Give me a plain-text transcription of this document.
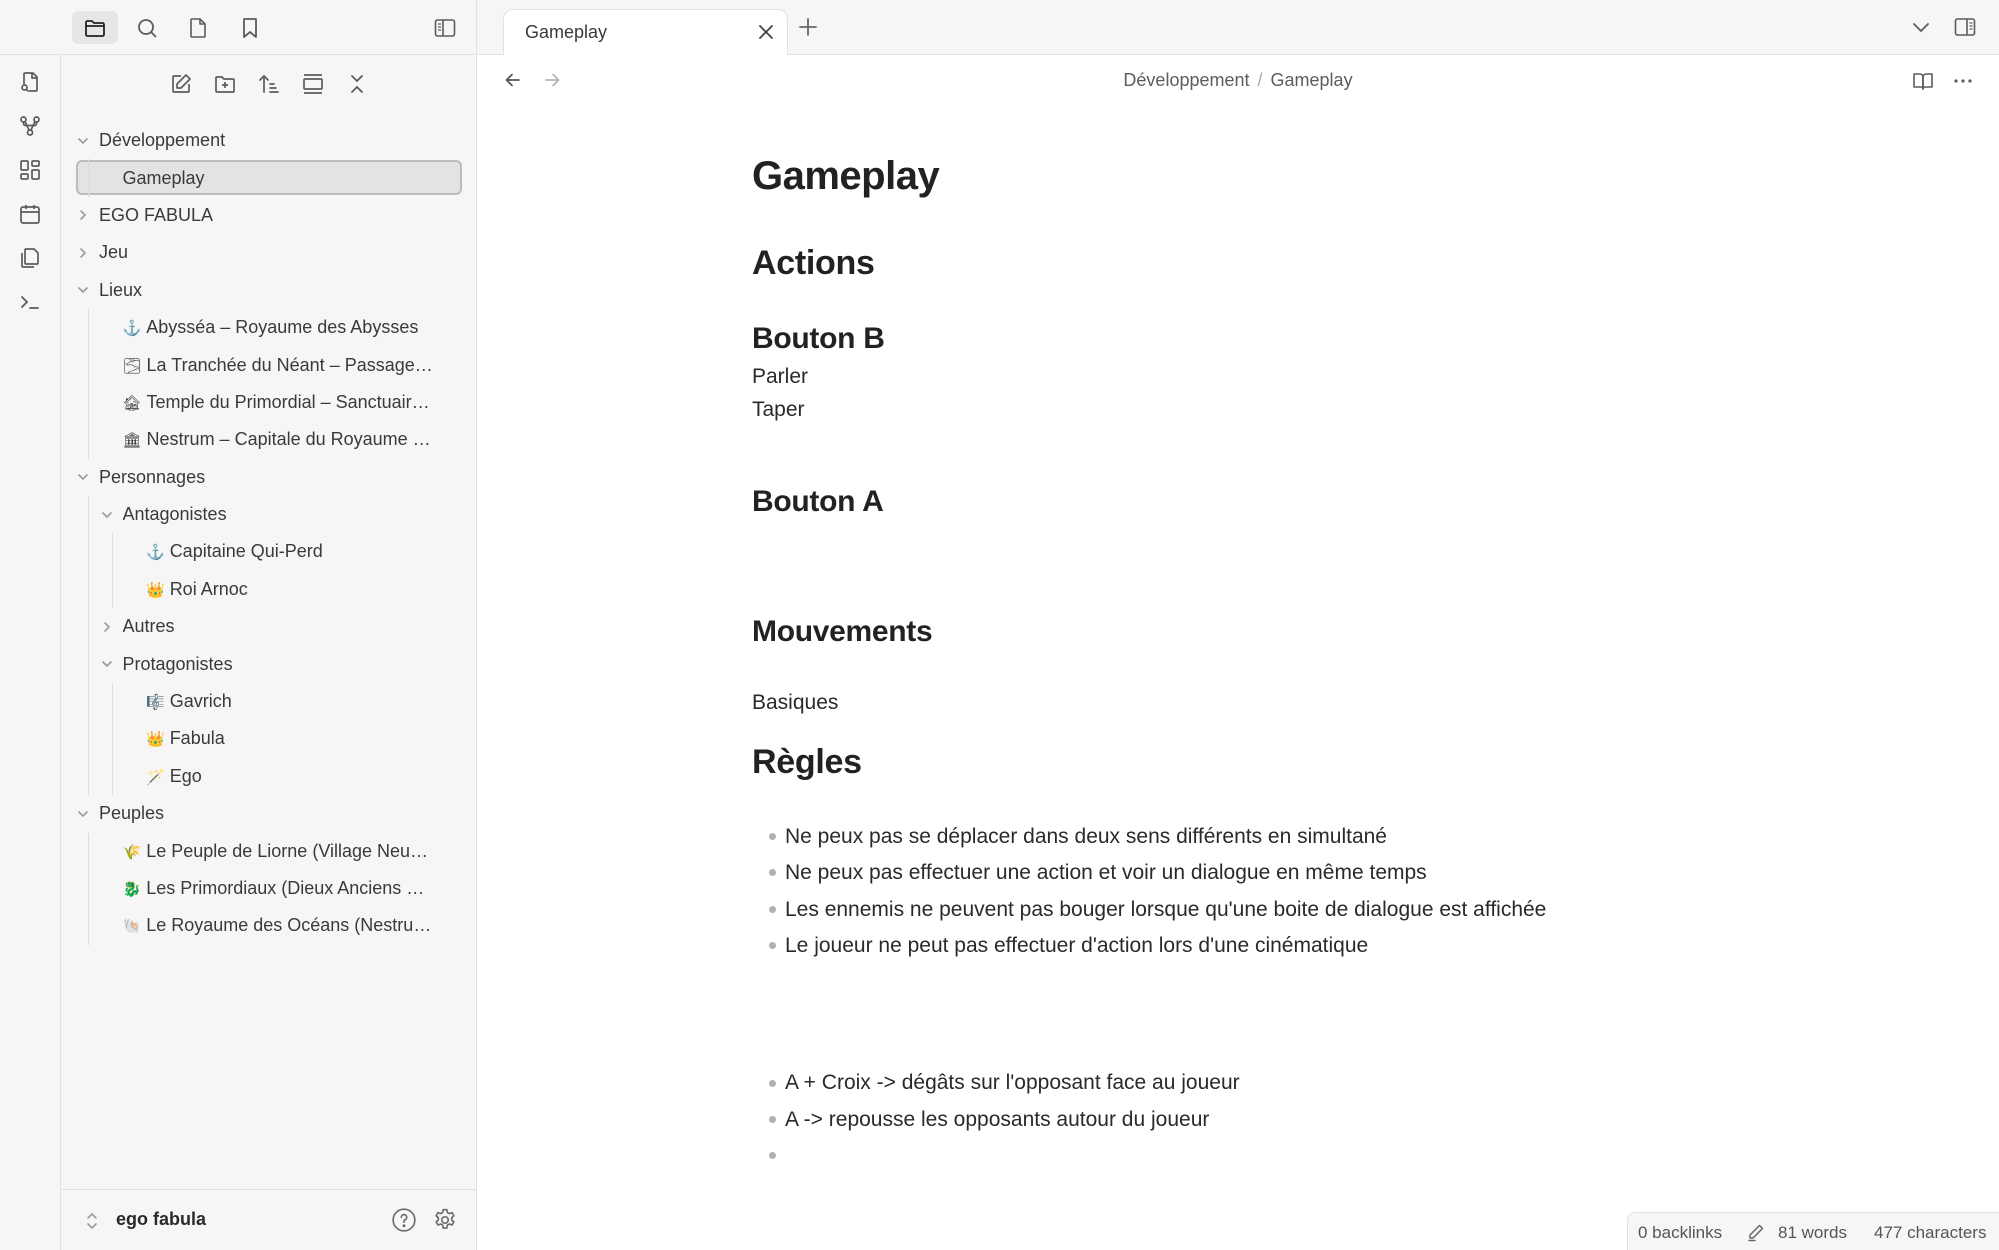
Développement
Gameplay
EGO FABULA
Jeu
Lieux
⚓ Abysséa – Royaume des Abysses
🌫 La Tranchée du Néant – Passage…
🏚 Temple du Primordial – Sanctuair…
🏛 Nestrum – Capitale du Royaume …
Personnages
Antagonistes
⚓ Capitaine Qui-Perd
👑 Roi Arnoc
Autres
Protagonistes
🎼 Gavrich
👑 Fabula
🪄 Ego
Peuples
🌾 Le Peuple de Liorne (Village Neu…
🐉 Les Primordiaux (Dieux Anciens …
🐚 Le Royaume des Océans (Nestru…
ego fabula
Gameplay
Développement / Gameplay
Gameplay
Actions
Bouton B
Parler
Taper
Bouton A
Mouvements
Basiques
Règles
Ne peux pas se déplacer dans deux sens différents en simultané
Ne peux pas effectuer une action et voir un dialogue en même temps
Les ennemis ne peuvent pas bouger lorsque qu'une boite de dialogue est affichée
Le joueur ne peut pas effectuer d'action lors d'une cinématique
A + Croix -> dégâts sur l'opposant face au joueur
A -> repousse les opposants autour du joueur
0 backlinks	81 words 477 characters
